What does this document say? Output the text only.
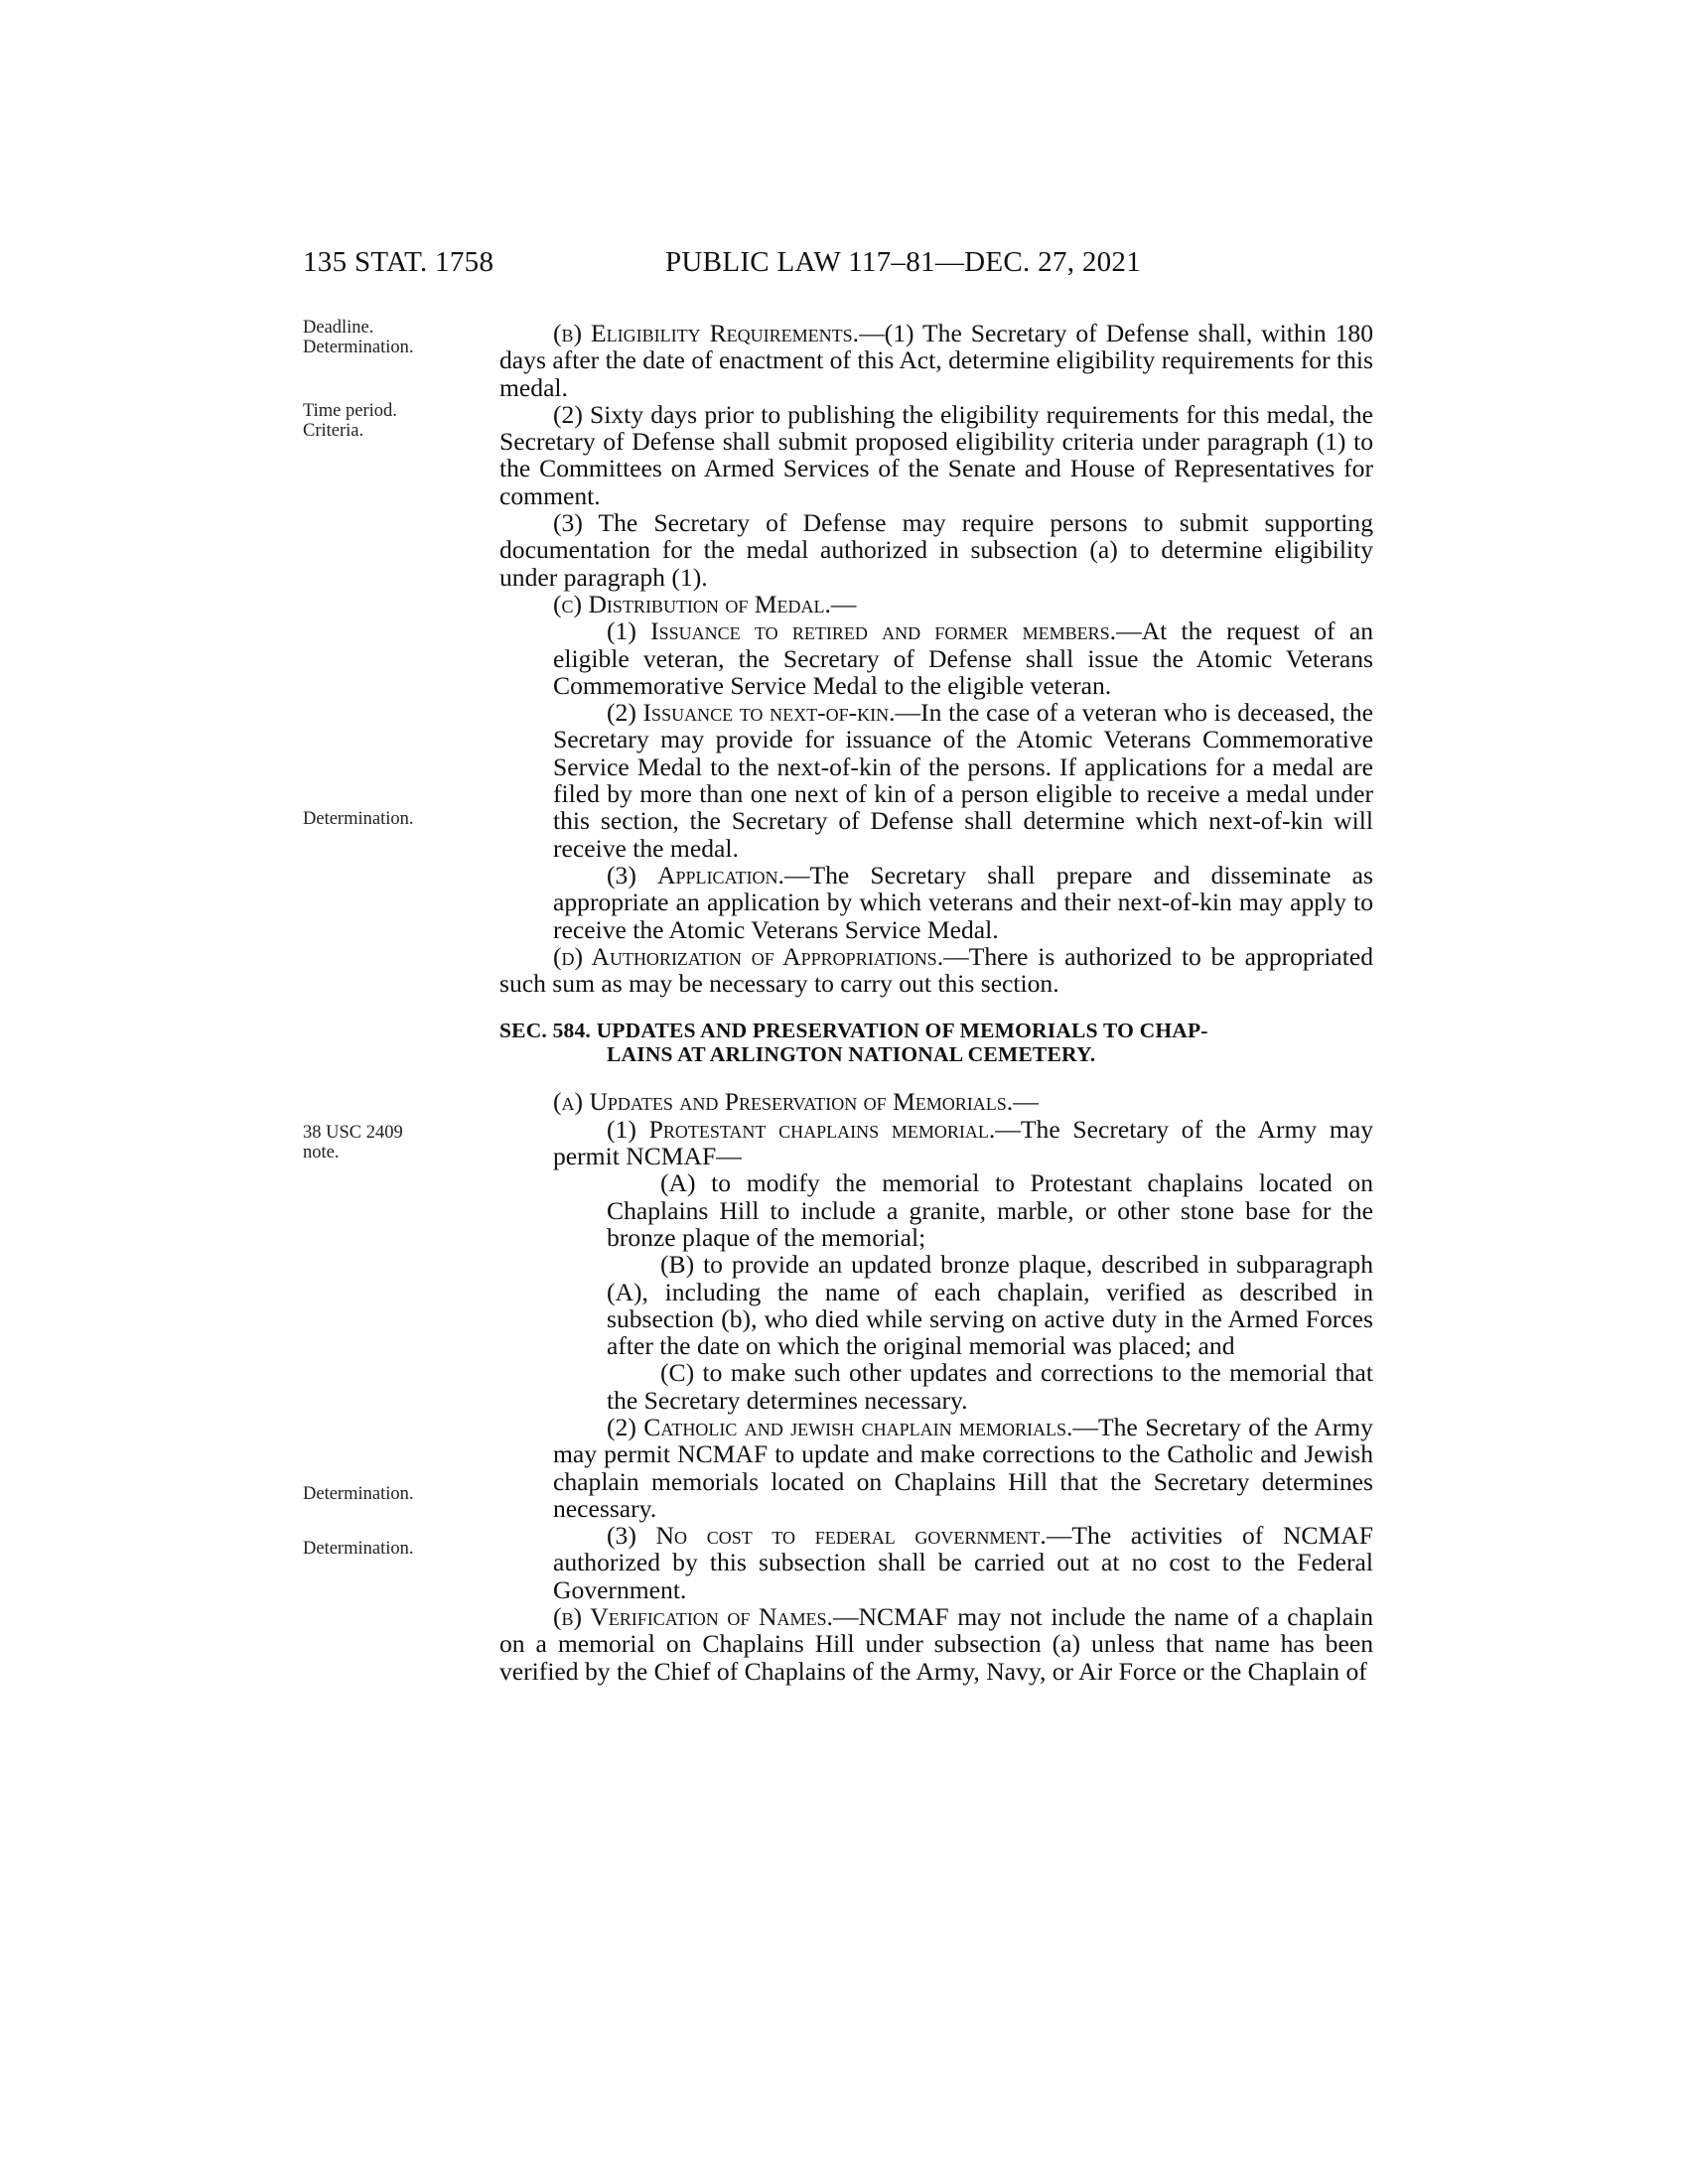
135 STAT. 1758	PUBLIC LAW 117–81—DEC. 27, 2021
Deadline.
Determination.
Time period.
Criteria.
Determination.
38 USC 2409
note.
Determination.
Determination.

(b) Eligibility Requirements.—(1) The Secretary of Defense shall, within 180 days after the date of enactment of this Act, determine eligibility requirements for this medal.

(2) Sixty days prior to publishing the eligibility requirements for this medal, the Secretary of Defense shall submit proposed eligibility criteria under paragraph (1) to the Committees on Armed Services of the Senate and House of Representatives for comment.

(3) The Secretary of Defense may require persons to submit supporting documentation for the medal authorized in subsection (a) to determine eligibility under paragraph (1).

(c) Distribution of Medal.—

(1) Issuance to retired and former members.—At the request of an eligible veteran, the Secretary of Defense shall issue the Atomic Veterans Commemorative Service Medal to the eligible veteran.

(2) Issuance to next-of-kin.—In the case of a veteran who is deceased, the Secretary may provide for issuance of the Atomic Veterans Commemorative Service Medal to the next-of-kin of the persons. If applications for a medal are filed by more than one next of kin of a person eligible to receive a medal under this section, the Secretary of Defense shall determine which next-of-kin will receive the medal.

(3) Application.—The Secretary shall prepare and disseminate as appropriate an application by which veterans and their next-of-kin may apply to receive the Atomic Veterans Service Medal.

(d) Authorization of Appropriations.—There is authorized to be appropriated such sum as may be necessary to carry out this section.

SEC. 584. UPDATES AND PRESERVATION OF MEMORIALS TO CHAP-
LAINS AT ARLINGTON NATIONAL CEMETERY.

(a) Updates and Preservation of Memorials.—

(1) Protestant chaplains memorial.—The Secretary of the Army may permit NCMAF—

(A) to modify the memorial to Protestant chaplains located on Chaplains Hill to include a granite, marble, or other stone base for the bronze plaque of the memorial;

(B) to provide an updated bronze plaque, described in subparagraph (A), including the name of each chaplain, verified as described in subsection (b), who died while serving on active duty in the Armed Forces after the date on which the original memorial was placed; and

(C) to make such other updates and corrections to the memorial that the Secretary determines necessary.

(2) Catholic and jewish chaplain memorials.—The Secretary of the Army may permit NCMAF to update and make corrections to the Catholic and Jewish chaplain memorials located on Chaplains Hill that the Secretary determines necessary.

(3) No cost to federal government.—The activities of NCMAF authorized by this subsection shall be carried out at no cost to the Federal Government.

(b) Verification of Names.—NCMAF may not include the name of a chaplain on a memorial on Chaplains Hill under subsection (a) unless that name has been verified by the Chief of Chaplains of the Army, Navy, or Air Force or the Chaplain of
